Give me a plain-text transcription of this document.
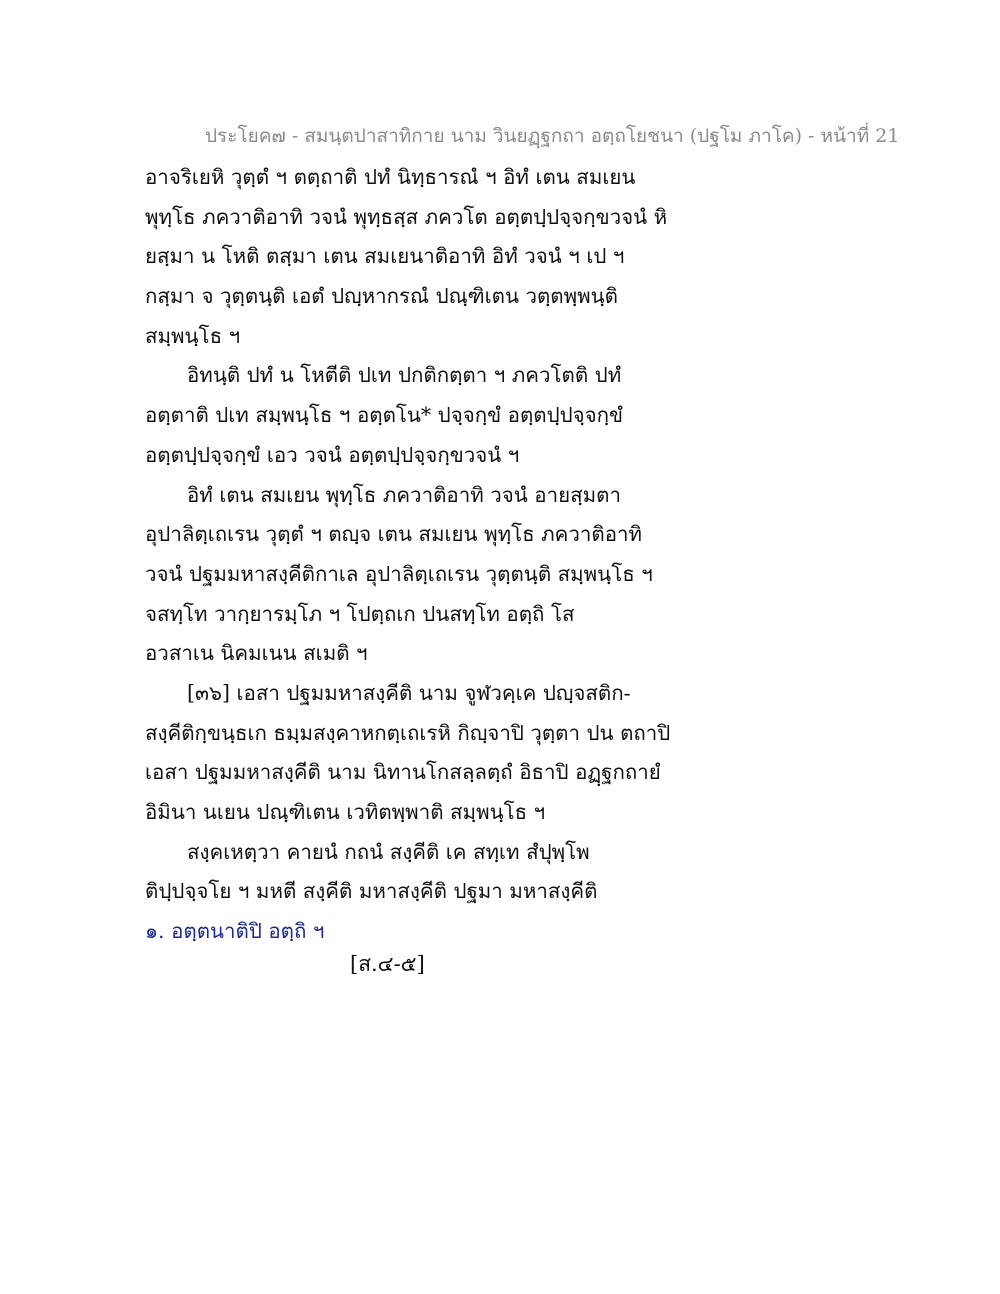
ประโยค๗ - สมนฺตปาสาทิกาย นาม วินยฏฺฐกถา อตฺถโยชนา (ปฐโม ภาโค) - หน้าที่ 21
อาจริเยหิ วุตฺตํ ฯ ตตฺถาติ ปทํ นิทฺธารณํ ฯ อิทํ เตน สมเยน
พุทฺโธ ภควาติอาทิ วจนํ พุทฺธสฺส ภควโต อตฺตปฺปจฺจกฺขวจนํ หิ
ยสฺมา น โหติ ตสฺมา เตน สมเยนาติอาทิ อิทํ วจนํ ฯ เป ฯ
กสฺมา จ วุตฺตนฺติ เอตํ ปญฺหากรณํ ปณฺฑิเตน วตฺตพฺพนฺติ
สมฺพนฺโธ ฯ
อิทนฺติ ปทํ น โหตีติ ปเท ปกติกตฺตา ฯ ภควโตติ ปทํ
อตฺตาติ ปเท สมฺพนฺโธ ฯ อตฺตโน* ปจฺจกฺขํ อตฺตปฺปจฺจกฺขํ
อตฺตปฺปจฺจกฺขํ เอว วจนํ อตฺตปฺปจฺจกฺขวจนํ ฯ
อิทํ เตน สมเยน พุทฺโธ ภควาติอาทิ วจนํ อายสฺมตา
อุปาลิตฺเถเรน วุตฺตํ ฯ ตญฺจ เตน สมเยน พุทฺโธ ภควาติอาทิ
วจนํ ปฐมมหาสงฺคีติกาเล อุปาลิตฺเถเรน วุตฺตนฺติ สมฺพนฺโธ ฯ
จสทฺโท วากฺยารมฺโภ ฯ โปตฺถเก ปนสทฺโท อตฺถิ โส
อวสาเน นิคมเนน สเมติ ฯ
[๓๖] เอสา ปฐมมหาสงฺคีติ นาม จูฬวคฺเค ปญฺจสติก-
สงฺคีติกฺขนฺธเก ธมฺมสงฺคาหกตฺเถเรหิ กิญฺจาปิ วุตฺตา ปน ตถาปิ
เอสา ปฐมมหาสงฺคีติ นาม นิทานโกสลฺลตฺถํ อิธาปิ อฏฺฐกถายํ
อิมินา นเยน ปณฺฑิเตน เวทิตพฺพาติ สมฺพนฺโธ ฯ
สงฺคเหตฺวา คายนํ กถนํ สงฺคีติ เค สทฺเท สํปุพฺโพ
ติปฺปจฺจโย ฯ มหตี สงฺคีติ มหาสงฺคีติ ปฐมา มหาสงฺคีติ
๑. อตฺตนาติปิ อตฺถิ ฯ
[ส.๔-๕]
